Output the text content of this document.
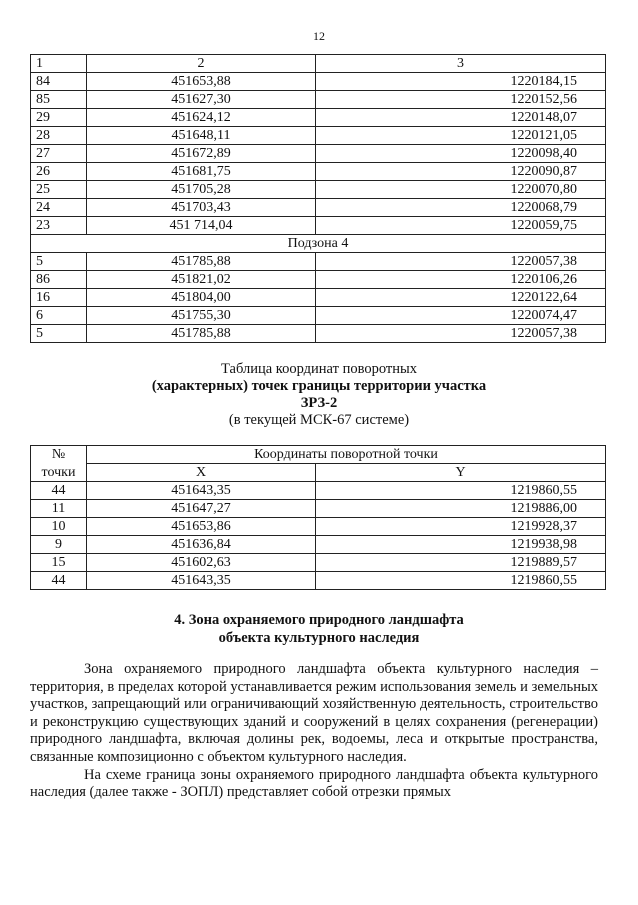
12
1	2	3
84	451653,88	1220184,15
85	451627,30	1220152,56
29	451624,12	1220148,07
28	451648,11	1220121,05
27	451672,89	1220098,40
26	451681,75	1220090,87
25	451705,28	1220070,80
24	451703,43	1220068,79
23	451 714,04	1220059,75
Подзона 4		
5	451785,88	1220057,38
86	451821,02	1220106,26
16	451804,00	1220122,64
6	451755,30	1220074,47
5	451785,88	1220057,38
Таблица координат поворотных
(характерных) точек границы территории участка
ЗРЗ-2
(в текущей МСК-67 системе)
№	Координаты поворотной точки	
точки	X	Y
44	451643,35	1219860,55
11	451647,27	1219886,00
10	451653,86	1219928,37
9	451636,84	1219938,98
15	451602,63	1219889,57
44	451643,35	1219860,55
4. Зона охраняемого природного ландшафта
объекта культурного наследия

Зона охраняемого природного ландшафта объекта культурного наследия – территория, в пределах которой устанавливается режим использования земель и земельных участков, запрещающий или ограничивающий хозяйственную деятельность, строительство и реконструкцию существующих зданий и сооружений в целях сохранения (регенерации) природного ландшафта, включая долины рек, водоемы, леса и открытые пространства, связанные композиционно с объектом культурного наследия.

На схеме граница зоны охраняемого природного ландшафта объекта культурного наследия (далее также - ЗОПЛ) представляет собой отрезки прямых
